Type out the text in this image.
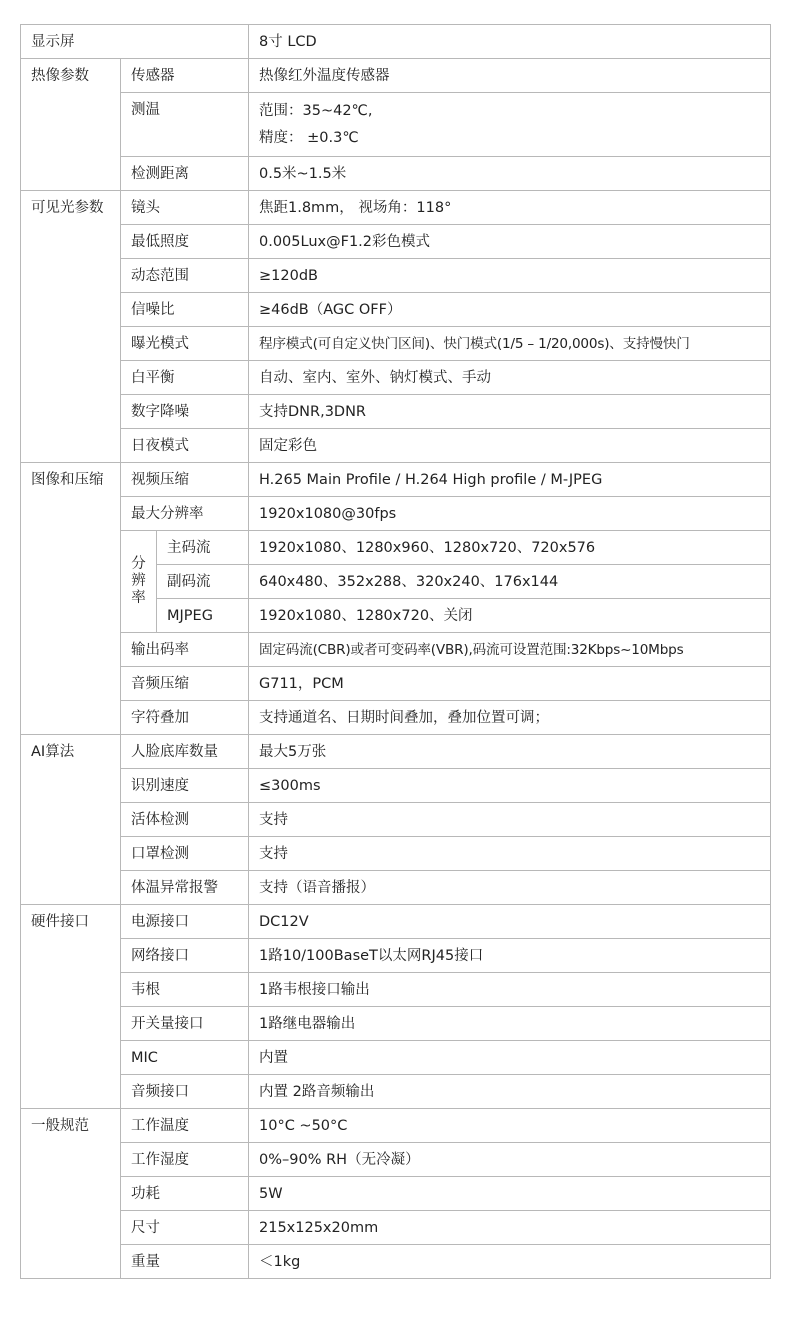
显示屏			8寸 LCD
热像参数	传感器		热像红外温度传感器
	测温		范围：35~42℃,
精度： ±0.3℃

	检测距离		0.5米~1.5米
可见光参数	镜头		焦距1.8mm， 视场角：118°
	最低照度		0.005Lux@F1.2彩色模式
	动态范围		≥120dB
	信噪比		≥46dB（AGC OFF）
	曝光模式		程序模式(可自定义快门区间)、快门模式(1/5 – 1/20,000s)、支持慢快门
	白平衡		自动、室内、室外、钠灯模式、手动
	数字降噪		支持DNR,3DNR
	日夜模式		固定彩色
图像和压缩	视频压缩		H.265 Main Profile / H.264 High profile / M-JPEG
	最大分辨率		1920x1080@30fps
	分辨率	主码流	1920x1080、1280x960、1280x720、720x576
		副码流	640x480、352x288、320x240、176x144
		MJPEG	1920x1080、1280x720、关闭
	输出码率		固定码流(CBR)或者可变码率(VBR),码流可设置范围:32Kbps~10Mbps
	音频压缩		G711，PCM
	字符叠加		支持通道名、日期时间叠加，叠加位置可调；
AI算法	人脸底库数量		最大5万张
	识别速度		≤300ms
	活体检测		支持
	口罩检测		支持
	体温异常报警		支持（语音播报）
硬件接口	电源接口		DC12V
	网络接口		1路10/100BaseT以太网RJ45接口
	韦根		1路韦根接口输出
	开关量接口		1路继电器输出
	MIC		内置
	音频接口		内置 2路音频输出
一般规范	工作温度		10°C ~50°C
	工作湿度		0%–90% RH（无冷凝）
	功耗		5W
	尺寸		215x125x20mm
	重量		＜1kg
